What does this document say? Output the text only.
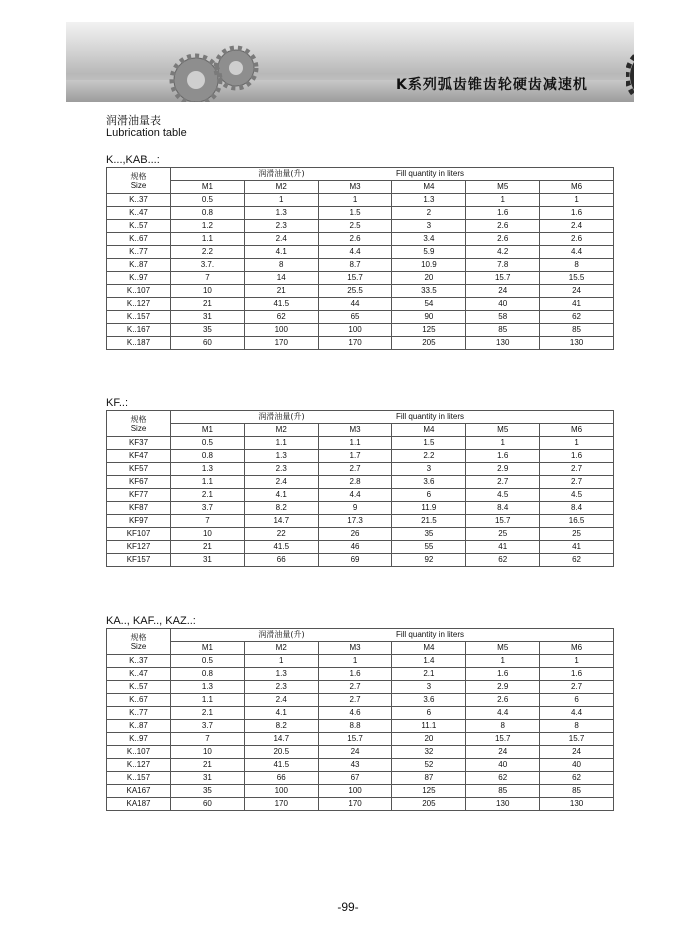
K系列弧齿锥齿轮硬齿减速机
润滑油量表
Lubrication table
K...,KAB...:
规格
Size	润滑油量(升)			Fill quantity in liters		
	M1	M2	M3	M4	M5	M6
K..37	0.5	1	1	1.3	1	1
K..47	0.8	1.3	1.5	2	1.6	1.6
K..57	1.2	2.3	2.5	3	2.6	2.4
K..67	1.1	2.4	2.6	3.4	2.6	2.6
K..77	2.2	4.1	4.4	5.9	4.2	4.4
K..87	3.7.	8	8.7	10.9	7.8	8
K..97	7	14	15.7	20	15.7	15.5
K..107	10	21	25.5	33.5	24	24
K..127	21	41.5	44	54	40	41
K..157	31	62	65	90	58	62
K..167	35	100	100	125	85	85
K..187	60	170	170	205	130	130
KF..:
规格
Size	润滑油量(升)			Fill quantity in liters		
	M1	M2	M3	M4	M5	M6
KF37	0.5	1.1	1.1	1.5	1	1
KF47	0.8	1.3	1.7	2.2	1.6	1.6
KF57	1.3	2.3	2.7	3	2.9	2.7
KF67	1.1	2.4	2.8	3.6	2.7	2.7
KF77	2.1	4.1	4.4	6	4.5	4.5
KF87	3.7	8.2	9	11.9	8.4	8.4
KF97	7	14.7	17.3	21.5	15.7	16.5
KF107	10	22	26	35	25	25
KF127	21	41.5	46	55	41	41
KF157	31	66	69	92	62	62
KA.., KAF.., KAZ..:
规格
Size	润滑油量(升)			Fill quantity in liters		
	M1	M2	M3	M4	M5	M6
K..37	0.5	1	1	1.4	1	1
K..47	0.8	1.3	1.6	2.1	1.6	1.6
K..57	1.3	2.3	2.7	3	2.9	2.7
K..67	1.1	2.4	2.7	3.6	2.6	6
K..77	2.1	4.1	4.6	6	4.4	4.4
K..87	3.7	8.2	8.8	11.1	8	8
K..97	7	14.7	15.7	20	15.7	15.7
K..107	10	20.5	24	32	24	24
K..127	21	41.5	43	52	40	40
K..157	31	66	67	87	62	62
KA167	35	100	100	125	85	85
KA187	60	170	170	205	130	130
-99-
